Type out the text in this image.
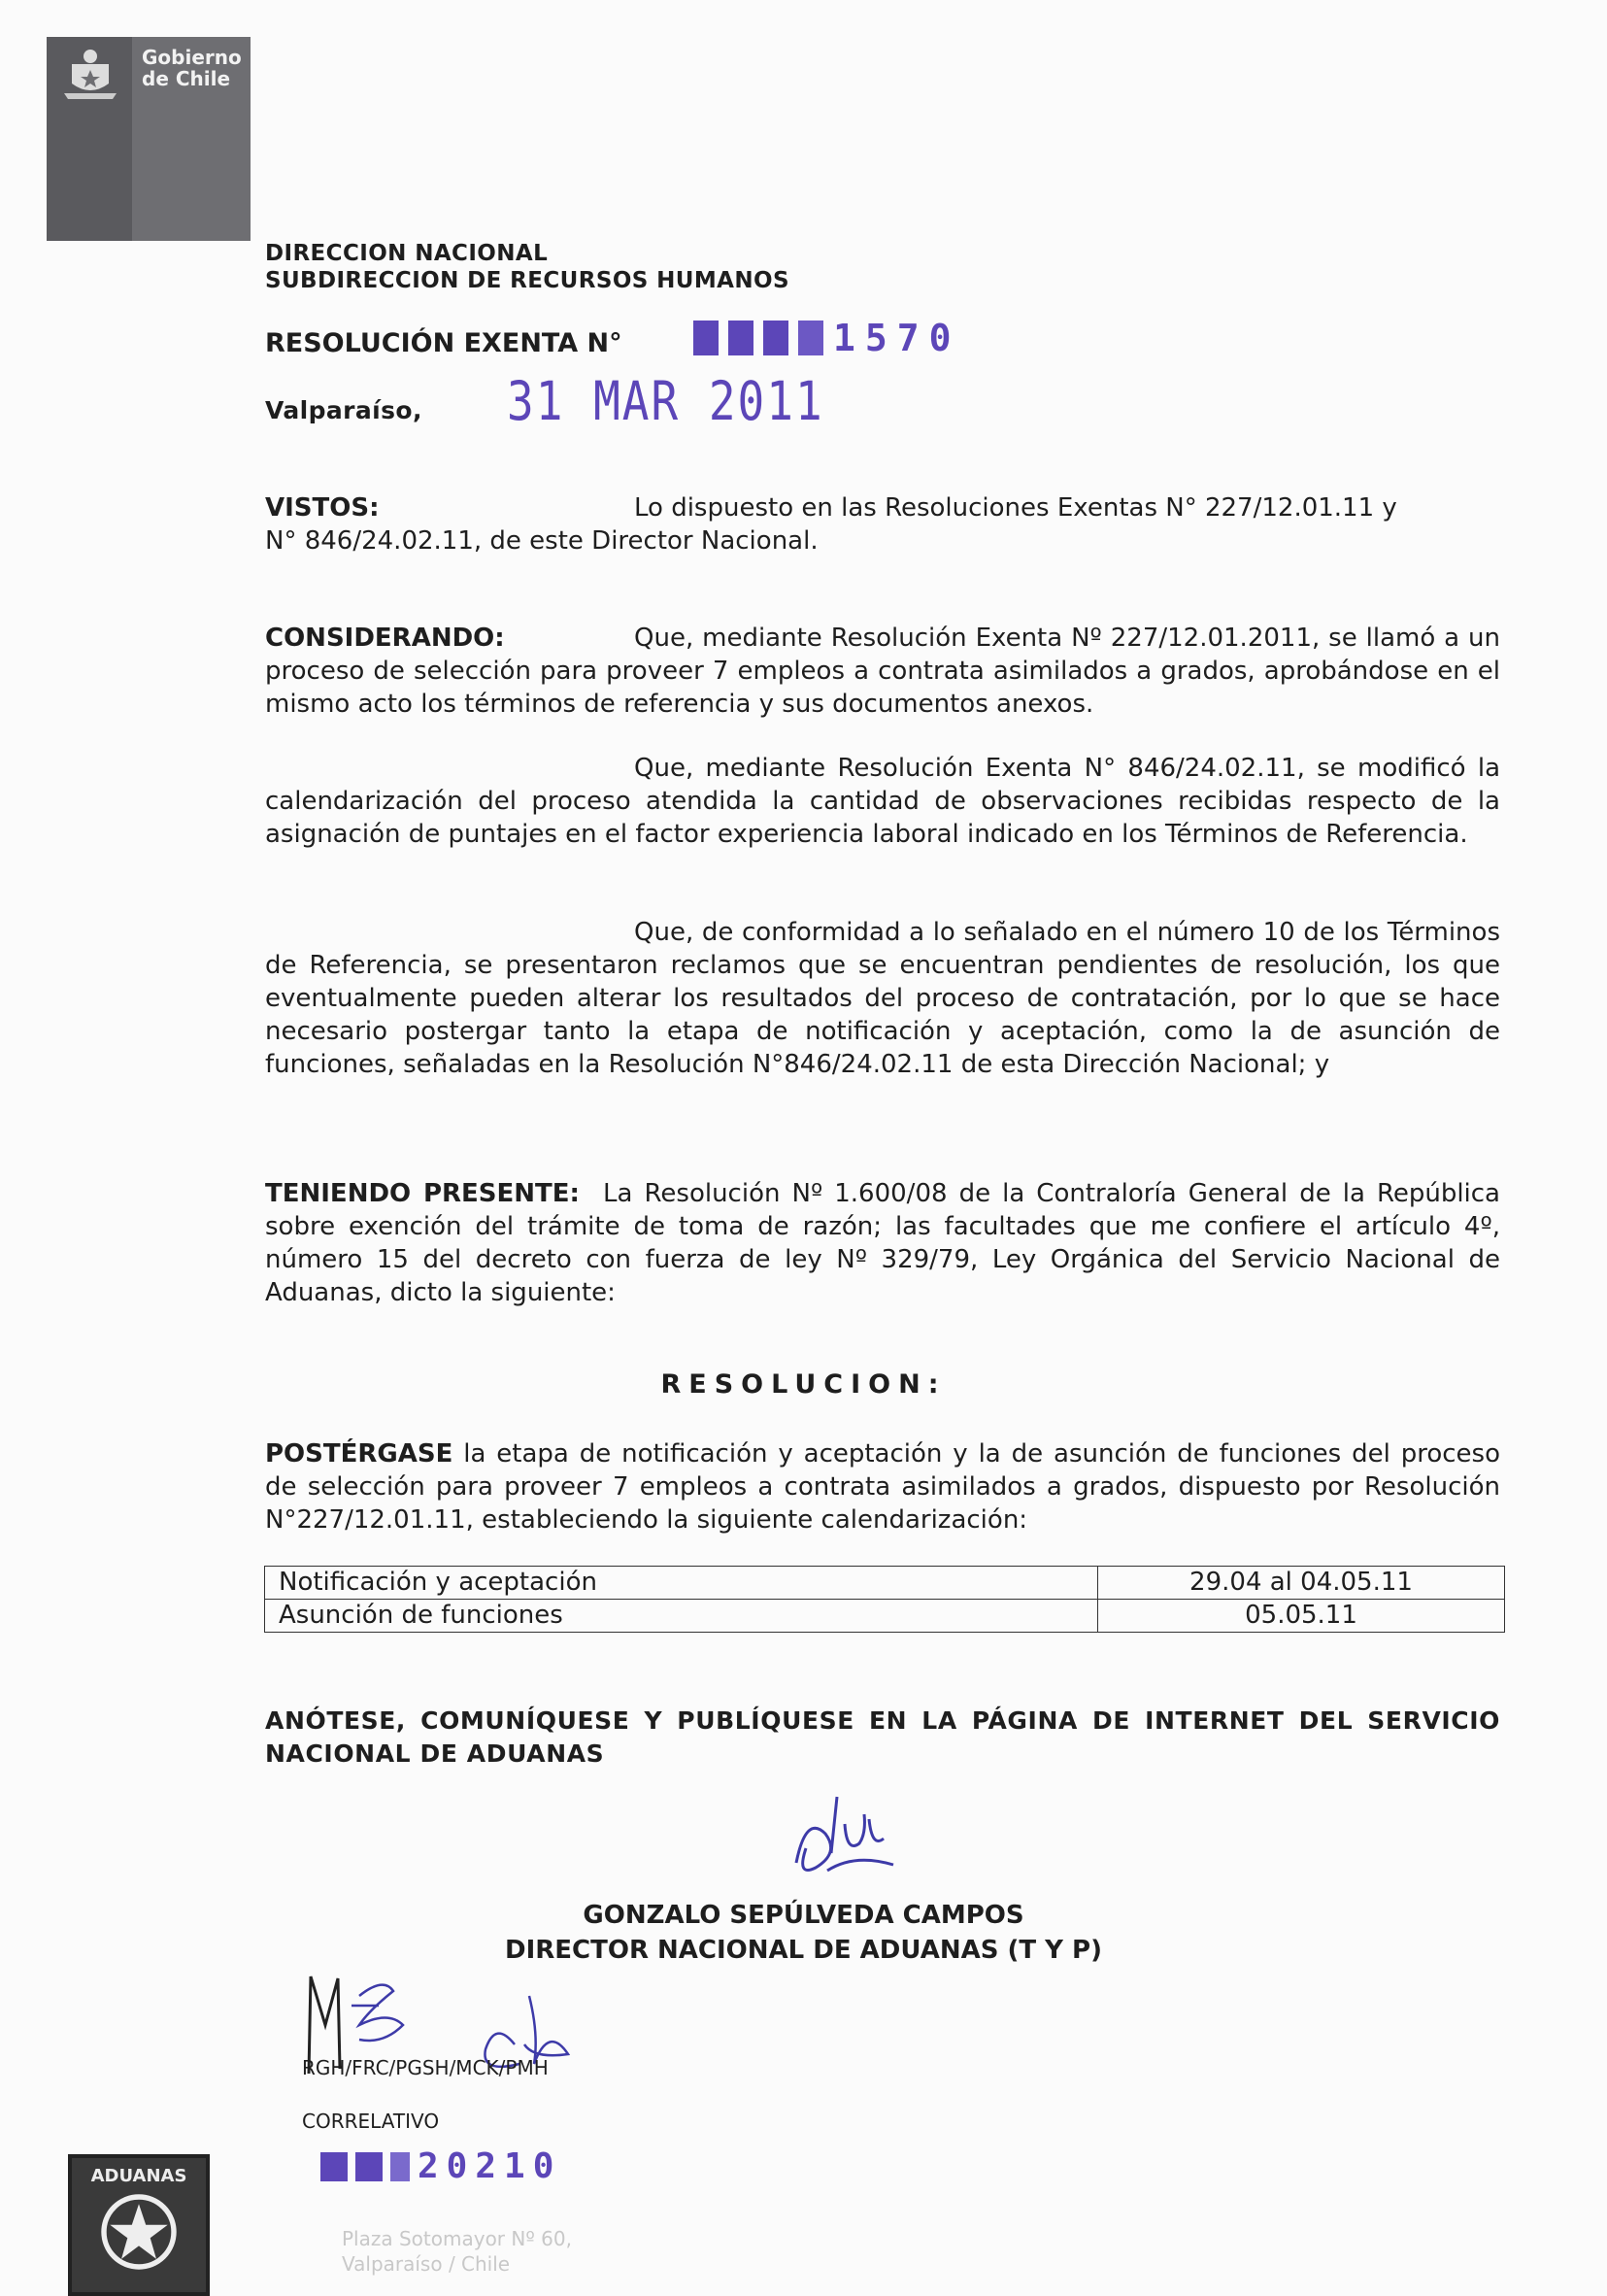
Gobierno
de Chile
DIRECCION NACIONAL
SUBDIRECCION DE RECURSOS HUMANOS
RESOLUCIÓN EXENTA N°	1570
Valparaíso, 31 MAR 2011
VISTOS:	Lo dispuesto en las Resoluciones Exentas N° 227/12.01.11 y
N° 846/24.02.11, de este Director Nacional.
CONSIDERANDO:	Que, mediante Resolución Exenta Nº 227/12.01.2011, se llamó a un proceso de selección para proveer 7 empleos a contrata asimilados a grados, aprobándose en el mismo acto los términos de referencia y sus documentos anexos.
Que, mediante Resolución Exenta N° 846/24.02.11, se modificó la calendarización del proceso atendida la cantidad de observaciones recibidas respecto de la asignación de puntajes en el factor experiencia laboral indicado en los Términos de Referencia.
Que, de conformidad a lo señalado en el número 10 de los Términos de Referencia, se presentaron reclamos que se encuentran pendientes de resolución, los que eventualmente pueden alterar los resultados del proceso de contratación, por lo que se hace necesario postergar tanto la etapa de notificación y aceptación, como la de asunción de funciones, señaladas en la Resolución N°846/24.02.11 de esta Dirección Nacional; y
TENIENDO PRESENTE: La Resolución Nº 1.600/08 de la Contraloría General de la República sobre exención del trámite de toma de razón; las facultades que me confiere el artículo 4º, número 15 del decreto con fuerza de ley Nº 329/79, Ley Orgánica del Servicio Nacional de Aduanas, dicto la siguiente:
RESOLUCION:
POSTÉRGASE la etapa de notificación y aceptación y la de asunción de funciones del proceso de selección para proveer 7 empleos a contrata asimilados a grados, dispuesto por Resolución N°227/12.01.11, estableciendo la siguiente calendarización:
Notificación y aceptación	29.04 al 04.05.11
Asunción de funciones	05.05.11
ANÓTESE, COMUNÍQUESE Y PUBLÍQUESE EN LA PÁGINA DE INTERNET DEL SERVICIO NACIONAL DE ADUANAS
GONZALO SEPÚLVEDA CAMPOS
DIRECTOR NACIONAL DE ADUANAS (T Y P)
RGH/FRC/PGSH/MCK/PMH
CORRELATIVO
20210
ADUANAS
Plaza Sotomayor Nº 60,
Valparaíso / Chile
